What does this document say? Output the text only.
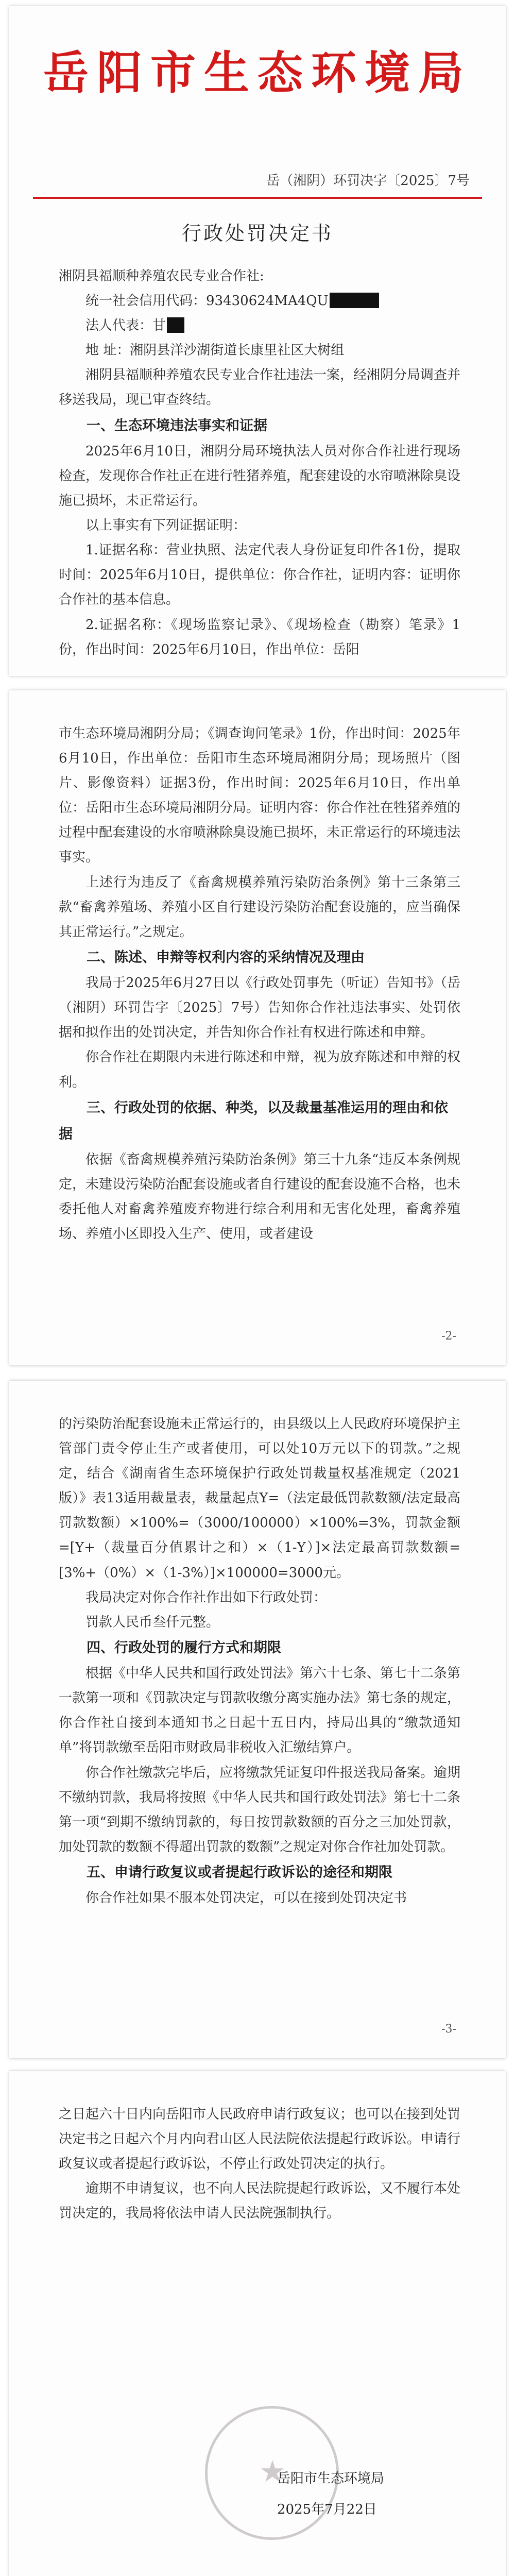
岳阳市生态环境局
岳（湘阴）环罚决字〔2025〕7号
行政处罚决定书

湘阴县福顺种养殖农民专业合作社:

统一社会信用代码：93430624MA4QU

法人代表：甘

地 址：湘阴县洋沙湖街道长康里社区大树组

湘阴县福顺种养殖农民专业合作社违法一案，经湘阴分局调查并移送我局，现已审查终结。

一、生态环境违法事实和证据

2025年6月10日，湘阴分局环境执法人员对你合作社进行现场检查，发现你合作社正在进行牲猪养殖，配套建设的水帘喷淋除臭设施已损坏，未正常运行。

以上事实有下列证据证明：

1.证据名称：营业执照、法定代表人身份证复印件各1份，提取时间：2025年6月10日，提供单位：你合作社，证明内容：证明你合作社的基本信息。

2.证据名称：《现场监察记录》、《现场检查（勘察）笔录》1份，作出时间：2025年6月10日，作出单位：岳阳

市生态环境局湘阴分局；《调查询问笔录》1份，作出时间：2025年6月10日，作出单位：岳阳市生态环境局湘阴分局；现场照片（图片、影像资料）证据3份，作出时间：2025年6月10日，作出单位：岳阳市生态环境局湘阴分局。证明内容：你合作社在牲猪养殖的过程中配套建设的水帘喷淋除臭设施已损坏，未正常运行的环境违法事实。

上述行为违反了《畜禽规模养殖污染防治条例》第十三条第三款“畜禽养殖场、养殖小区自行建设污染防治配套设施的，应当确保其正常运行。”之规定。

二、陈述、申辩等权利内容的采纳情况及理由

我局于2025年6月27日以《行政处罚事先（听证）告知书》（岳（湘阴）环罚告字〔2025〕7号）告知你合作社违法事实、处罚依据和拟作出的处罚决定，并告知你合作社有权进行陈述和申辩。

你合作社在期限内未进行陈述和申辩，视为放弃陈述和申辩的权利。

三、行政处罚的依据、种类，以及裁量基准运用的理由和依据

依据《畜禽规模养殖污染防治条例》第三十九条“违反本条例规定，未建设污染防治配套设施或者自行建设的配套设施不合格，也未委托他人对畜禽养殖废弃物进行综合利用和无害化处理，畜禽养殖场、养殖小区即投入生产、使用，或者建设

-2-

的污染防治配套设施未正常运行的，由县级以上人民政府环境保护主管部门责令停止生产或者使用，可以处10万元以下的罚款。”之规定，结合《湖南省生态环境保护行政处罚裁量权基准规定（2021版）》表13适用裁量表，裁量起点Y=（法定最低罚款数额/法定最高罚款数额）×100%=（3000/100000）×100%=3%，罚款金额=[Y+（裁量百分值累计之和）×（1-Y）]×法定最高罚款数额=[3%+（0%）×（1-3%）]×100000=3000元。

我局决定对你合作社作出如下行政处罚：

罚款人民币叁仟元整。

四、行政处罚的履行方式和期限

根据《中华人民共和国行政处罚法》第六十七条、第七十二条第一款第一项和《罚款决定与罚款收缴分离实施办法》第七条的规定，你合作社自接到本通知书之日起十五日内，持局出具的“缴款通知单”将罚款缴至岳阳市财政局非税收入汇缴结算户。

你合作社缴款完毕后，应将缴款凭证复印件报送我局备案。逾期不缴纳罚款，我局将按照《中华人民共和国行政处罚法》第七十二条第一项“到期不缴纳罚款的，每日按罚款数额的百分之三加处罚款，加处罚款的数额不得超出罚款的数额”之规定对你合作社加处罚款。

五、申请行政复议或者提起行政诉讼的途径和期限

你合作社如果不服本处罚决定，可以在接到处罚决定书

-3-

之日起六十日内向岳阳市人民政府申请行政复议；也可以在接到处罚决定书之日起六个月内向君山区人民法院依法提起行政诉讼。申请行政复议或者提起行政诉讼，不停止行政处罚决定的执行。

逾期不申请复议，也不向人民法院提起行政诉讼，又不履行本处罚决定的，我局将依法申请人民法院强制执行。

★
岳阳市生态环境局
2025年7月22日
